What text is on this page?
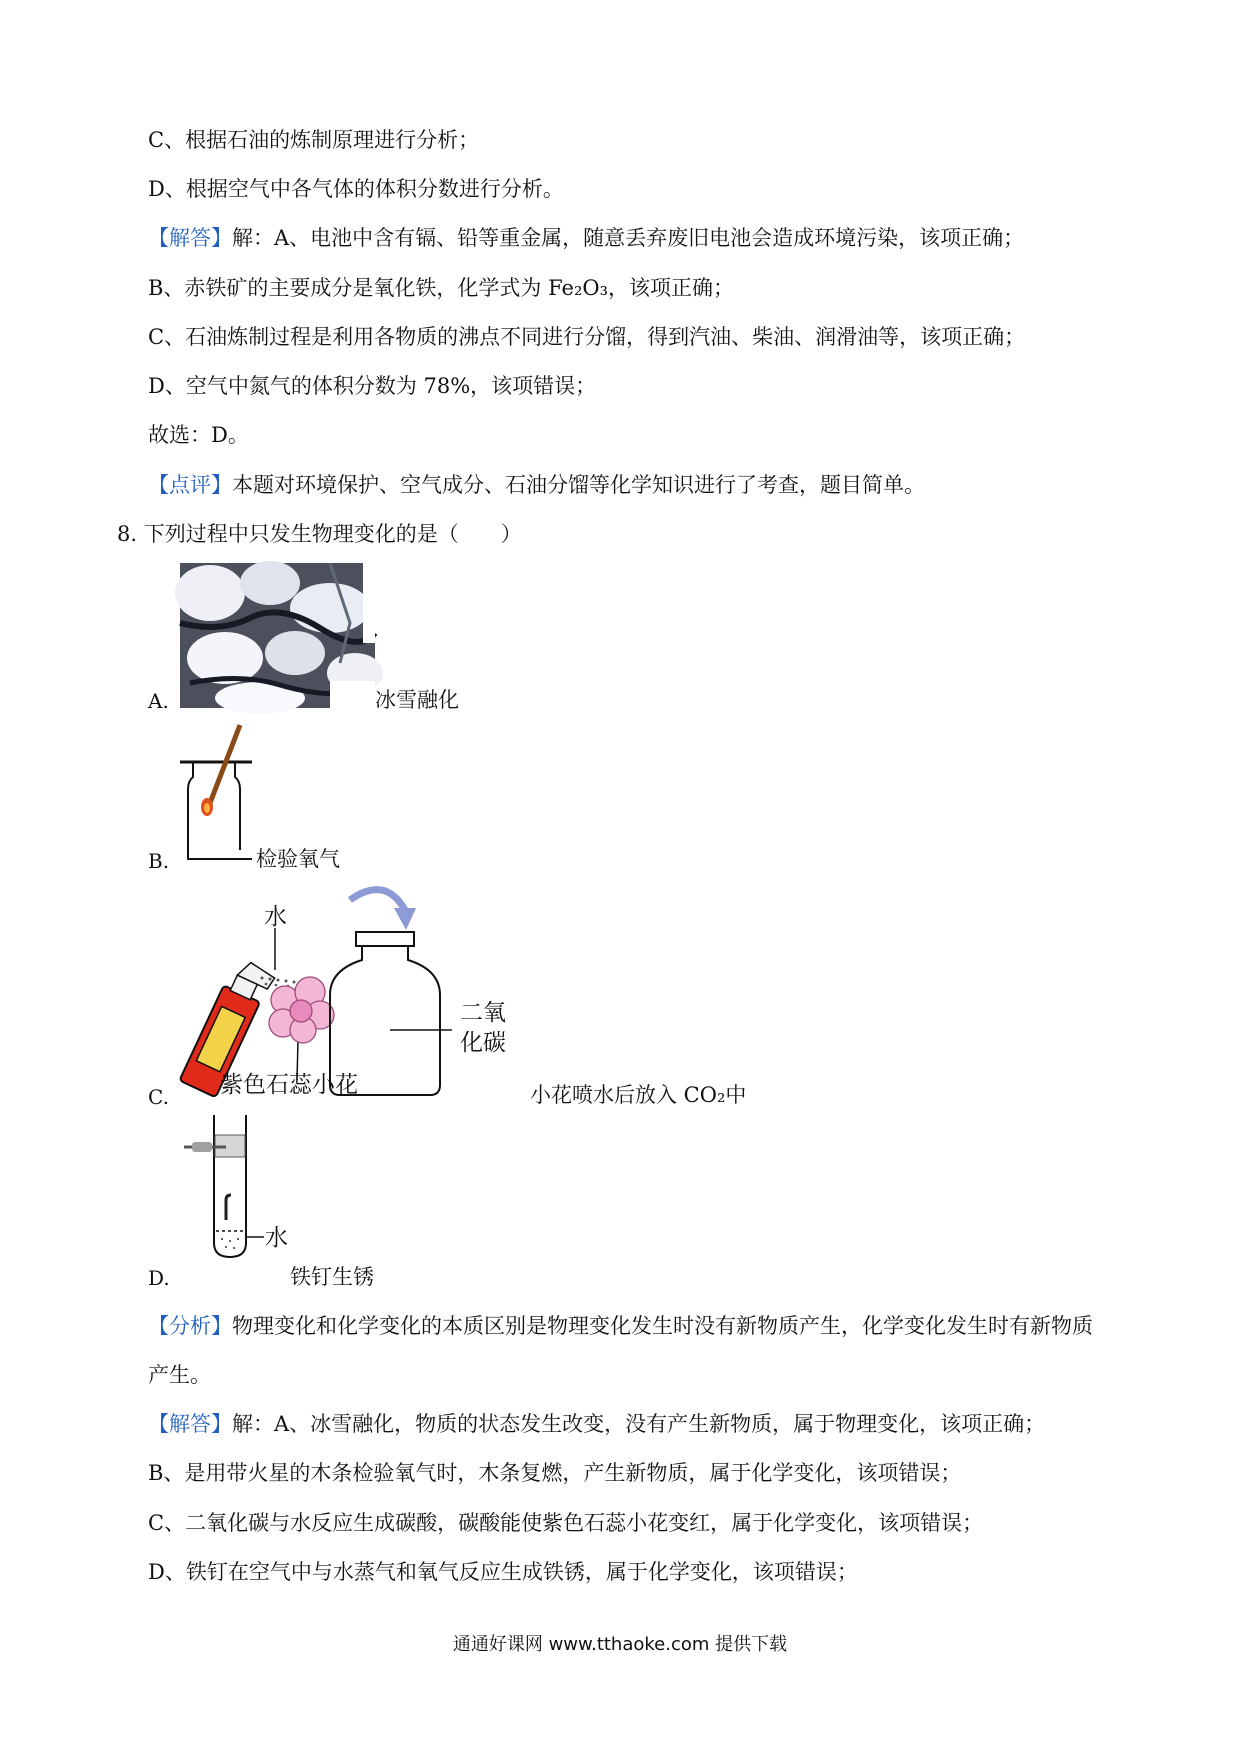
C、根据石油的炼制原理进行分析；
D、根据空气中各气体的体积分数进行分析。
【解答】解：A、电池中含有镉、铅等重金属，随意丢弃废旧电池会造成环境污染，该项正确；
B、赤铁矿的主要成分是氧化铁，化学式为 Fe₂O₃，该项正确；
C、石油炼制过程是利用各物质的沸点不同进行分馏，得到汽油、柴油、润滑油等，该项正确；
D、空气中氮气的体积分数为 78%，该项错误；
故选：D。
【点评】本题对环境保护、空气成分、石油分馏等化学知识进行了考查，题目简单。
8. 下列过程中只发生物理变化的是（　　）
A.	冰雪融化
B.	检验氧气
水
二氧
化碳
紫色石蕊小花
C.	小花喷水后放入 CO₂中
水
D.	铁钉生锈
【分析】物理变化和化学变化的本质区别是物理变化发生时没有新物质产生，化学变化发生时有新物质
产生。
【解答】解：A、冰雪融化，物质的状态发生改变，没有产生新物质，属于物理变化，该项正确；
B、是用带火星的木条检验氧气时，木条复燃，产生新物质，属于化学变化，该项错误；
C、二氧化碳与水反应生成碳酸，碳酸能使紫色石蕊小花变红，属于化学变化，该项错误；
D、铁钉在空气中与水蒸气和氧气反应生成铁锈，属于化学变化，该项错误；
通通好课网 www.tthaoke.com 提供下载
